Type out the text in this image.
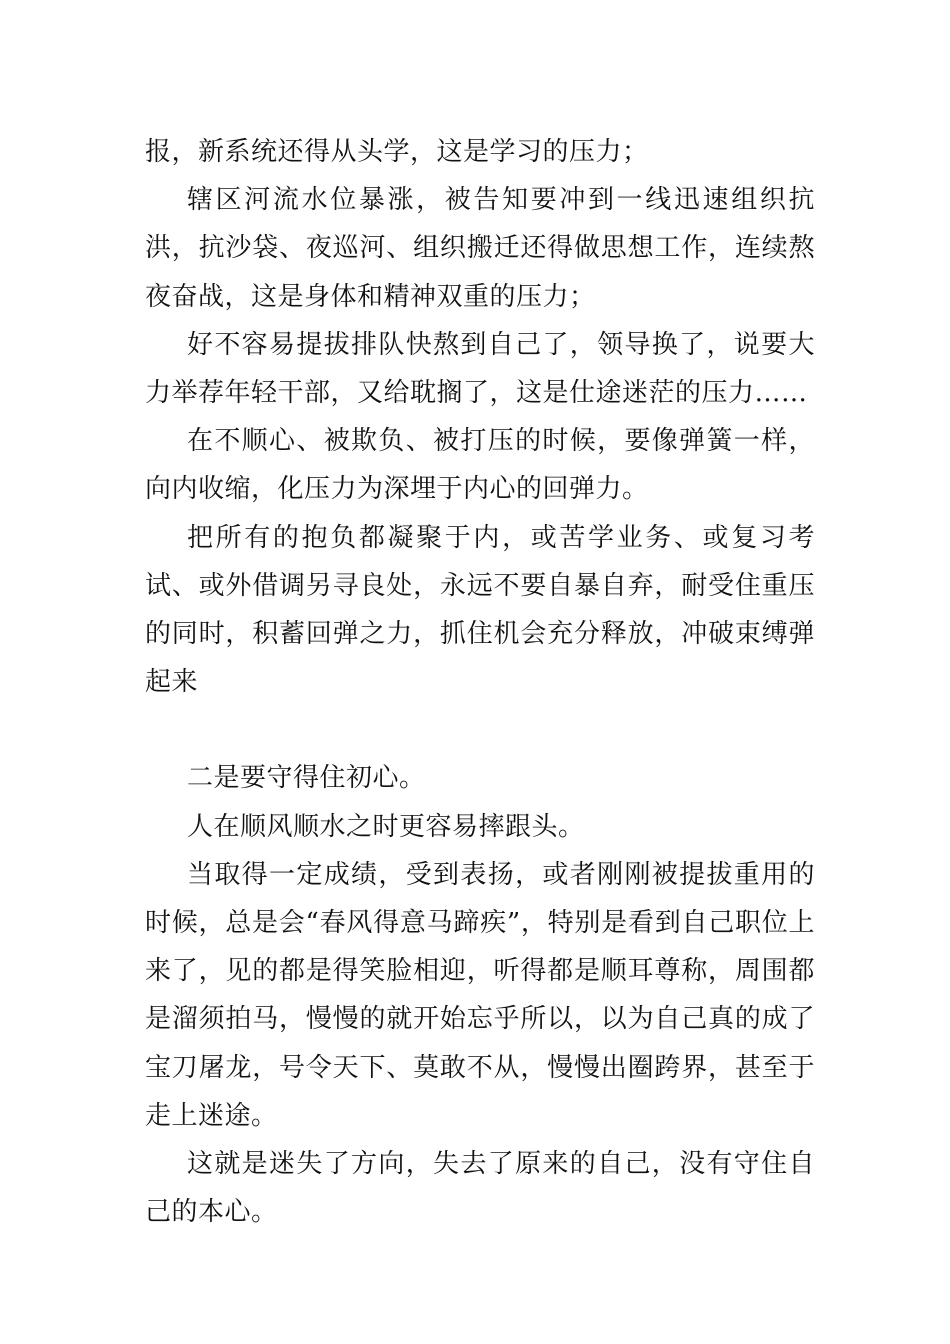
报，新系统还得从头学，这是学习的压力；

辖区河流水位暴涨，被告知要冲到一线迅速组织抗洪，抗沙袋、夜巡河、组织搬迁还得做思想工作，连续熬夜奋战，这是身体和精神双重的压力；

好不容易提拔排队快熬到自己了，领导换了，说要大力举荐年轻干部，又给耽搁了，这是仕途迷茫的压力……

在不顺心、被欺负、被打压的时候，要像弹簧一样，向内收缩，化压力为深埋于内心的回弹力。

把所有的抱负都凝聚于内，或苦学业务、或复习考试、或外借调另寻良处，永远不要自暴自弃，耐受住重压的同时，积蓄回弹之力，抓住机会充分释放，冲破束缚弹起来

二是要守得住初心。

人在顺风顺水之时更容易摔跟头。

当取得一定成绩，受到表扬，或者刚刚被提拔重用的时候，总是会“春风得意马蹄疾”，特别是看到自己职位上来了，见的都是得笑脸相迎，听得都是顺耳尊称，周围都是溜须拍马，慢慢的就开始忘乎所以，以为自己真的成了宝刀屠龙，号令天下、莫敢不从，慢慢出圈跨界，甚至于走上迷途。

这就是迷失了方向，失去了原来的自己，没有守住自己的本心。
